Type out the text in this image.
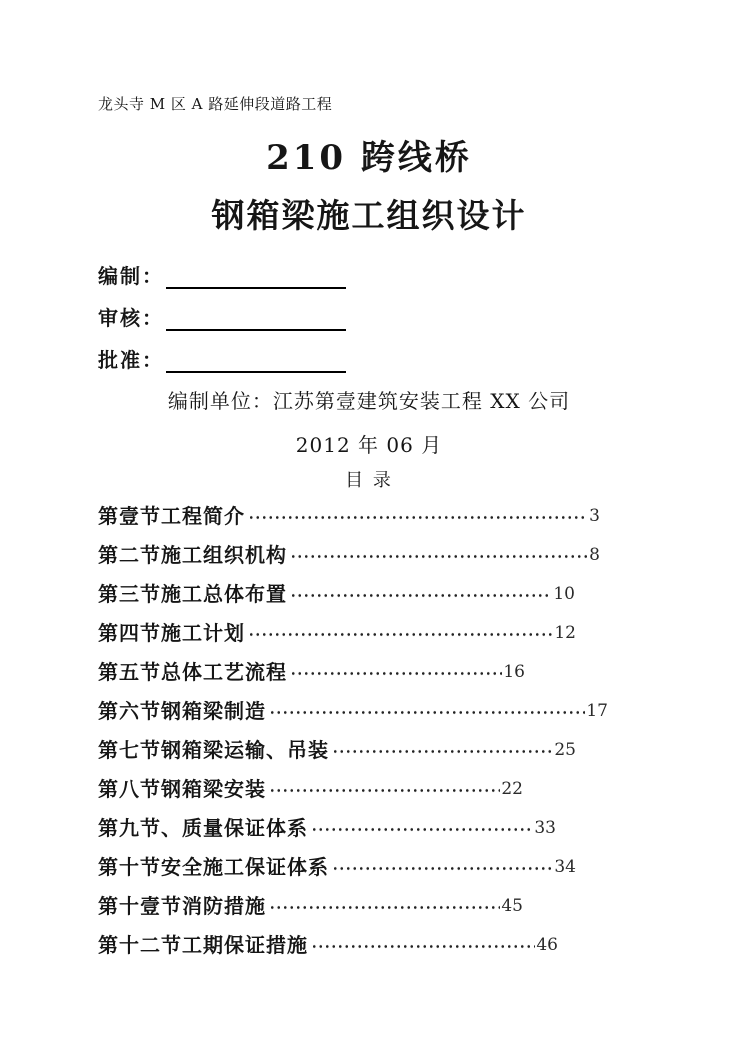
龙头寺 M 区 A 路延伸段道路工程
210 跨线桥
钢箱梁施工组织设计
编制：
审核：
批准：
编制单位：江苏第壹建筑安装工程 XX 公司
2012 年 06 月
目 录
第壹节工程简介	3
第二节施工组织机构	8
第三节施工总体布置	10
第四节施工计划	12
第五节总体工艺流程	16
第六节钢箱梁制造	17
第七节钢箱梁运输、吊装	25
第八节钢箱梁安装	22
第九节、质量保证体系	33
第十节安全施工保证体系	34
第十壹节消防措施	45
第十二节工期保证措施	46
